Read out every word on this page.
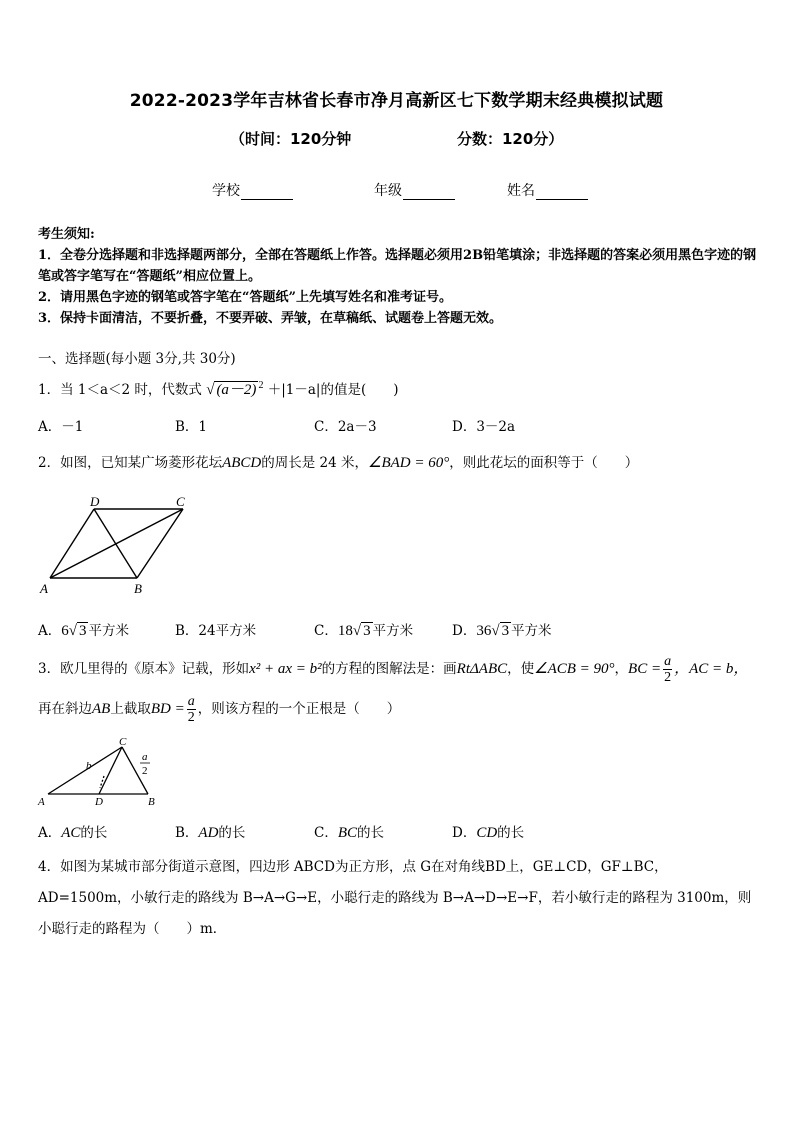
2022-2023学年吉林省长春市净月高新区七下数学期末经典模拟试题
（时间：120分钟	分数：120分）
学校	年级	姓名
考生须知:
1．全卷分选择题和非选择题两部分，全部在答题纸上作答。选择题必须用2B铅笔填涂；非选择题的答案必须用黑色字迹的钢笔或答字笔写在“答题纸”相应位置上。
2．请用黑色字迹的钢笔或答字笔在“答题纸”上先填写姓名和准考证号。
3．保持卡面清洁，不要折叠，不要弄破、弄皱，在草稿纸、试题卷上答题无效。
一、选择题(每小题 3分,共 30分)
1．当 1＜a＜2 时，代数式 √ (a－2) $^2$ ＋|1－a|的值是(　　)
A．－1	B．1	C．2a－3	D．3－2a
2．如图，已知某广场菱形花坛ABCD的周长是 24 米，∠BAD = 60°，则此花坛的面积等于（　　）
D	C
A	B
A．6√ 3 平方米	B．24平方米	C．18√ 3 平方米	D．36√ 3 平方米
3．欧几里得的《原本》记载，形如x² + ax = b²的方程的图解法是：画RtΔABC，使∠ACB = 90°，BC = $\frac{a}{2}$ ，AC = b，
再在斜边AB上截取BD = $\frac{a}{2}$ ，则该方程的一个正根是（　　）
C
b
a
2
A	D	B
A．AC的长	B．AD的长	C．BC的长	D．CD的长
4．如图为某城市部分街道示意图，四边形 ABCD为正方形，点 G在对角线BD上，GE⊥CD，GF⊥BC，AD=1500m，小敏行走的路线为 B→A→G→E，小聪行走的路线为 B→A→D→E→F，若小敏行走的路程为 3100m，则小聪行走的路程为（　　）m．
